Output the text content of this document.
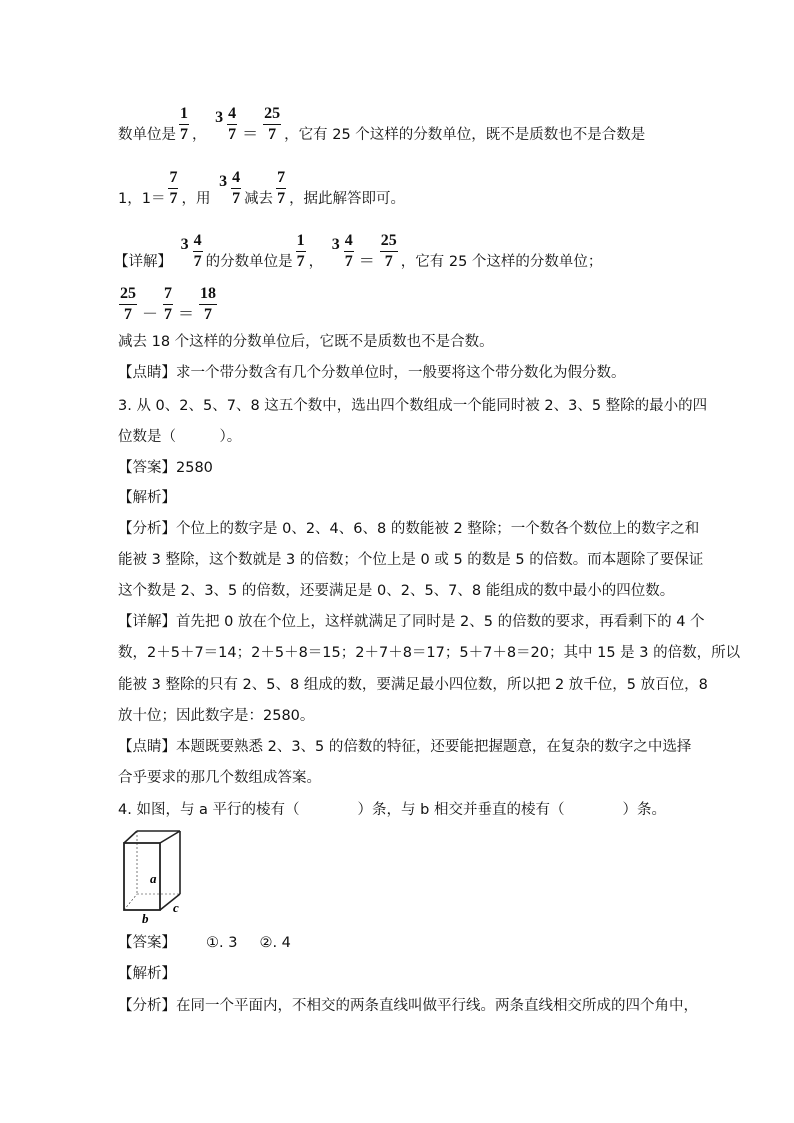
数单位是 $\frac{1}{7}$ ， $3 \frac{4}{7} = \frac{25}{7}$ ，它有 25 个这样的分数单位，既不是质数也不是合数是
1，$1= \frac{7}{7}$ ，用 $3 \frac{4}{7}$ 减去 $\frac{7}{7}$ ，据此解答即可。
【详解】 $3 \frac{4}{7}$ 的分数单位是 $\frac{1}{7}$ ， $3 \frac{4}{7} = \frac{25}{7}$ ，它有 25 个这样的分数单位；
$\frac{25}{7} - \frac{7}{7} = \frac{18}{7}$
减去 18 个这样的分数单位后，它既不是质数也不是合数。
【点睛】求一个带分数含有几个分数单位时，一般要将这个带分数化为假分数。
3. 从 0、2、5、7、8 这五个数中，选出四个数组成一个能同时被 2、3、5 整除的最小的四
位数是（　　　）。
【答案】2580
【解析】
【分析】个位上的数字是 0、2、4、6、8 的数能被 2 整除；一个数各个数位上的数字之和
能被 3 整除，这个数就是 3 的倍数；个位上是 0 或 5 的数是 5 的倍数。而本题除了要保证
这个数是 2、3、5 的倍数，还要满足是 0、2、5、7、8 能组成的数中最小的四位数。
【详解】首先把 0 放在个位上，这样就满足了同时是 2、5 的倍数的要求，再看剩下的 4 个
数，2＋5＋7＝14；2＋5＋8＝15；2＋7＋8＝17；5＋7＋8＝20；其中 15 是 3 的倍数，所以
能被 3 整除的只有 2、5、8 组成的数，要满足最小四位数，所以把 2 放千位，5 放百位，8
放十位；因此数字是：2580。
【点睛】本题既要熟悉 2、3、5 的倍数的特征，还要能把握题意，在复杂的数字之中选择
合乎要求的那几个数组成答案。
4. 如图，与 a 平行的棱有（　　　　）条，与 b 相交并垂直的棱有（　　　　）条。
a
b
c
【答案】 ①. 3 ②. 4
【解析】
【分析】在同一个平面内，不相交的两条直线叫做平行线。两条直线相交所成的四个角中，
